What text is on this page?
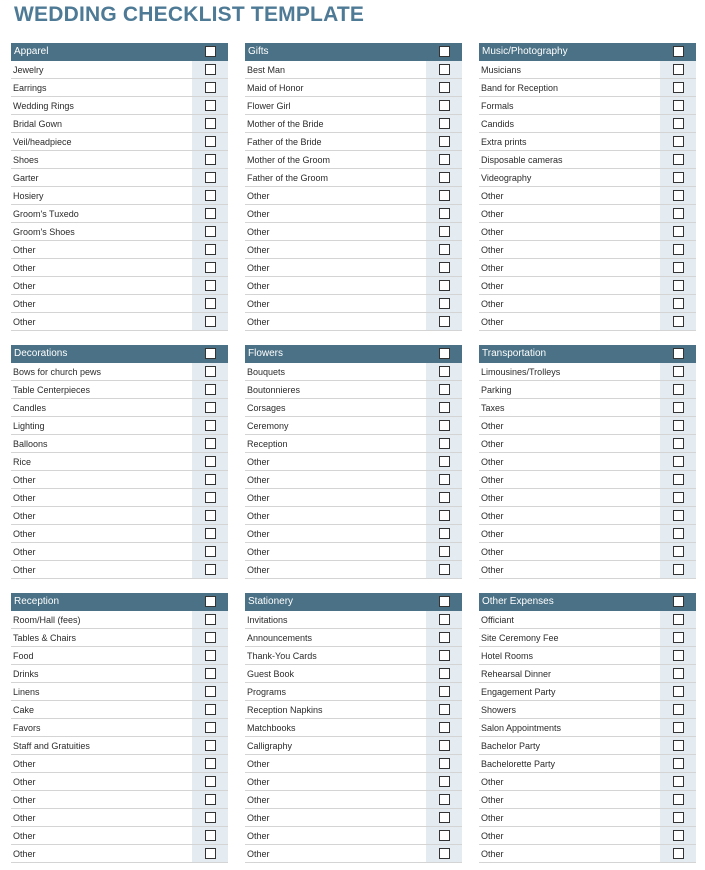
WEDDING CHECKLIST TEMPLATE
Apparel
Jewelry
Earrings
Wedding Rings
Bridal Gown
Veil/headpiece
Shoes
Garter
Hosiery
Groom's Tuxedo
Groom's Shoes
Other
Other
Other
Other
Other
Gifts
Best Man
Maid of Honor
Flower Girl
Mother of the Bride
Father of the Bride
Mother of the Groom
Father of the Groom
Other
Other
Other
Other
Other
Other
Other
Other
Music/Photography
Musicians
Band for Reception
Formals
Candids
Extra prints
Disposable cameras
Videography
Other
Other
Other
Other
Other
Other
Other
Other
Decorations
Bows for church pews
Table Centerpieces
Candles
Lighting
Balloons
Rice
Other
Other
Other
Other
Other
Other
Flowers
Bouquets
Boutonnieres
Corsages
Ceremony
Reception
Other
Other
Other
Other
Other
Other
Other
Transportation
Limousines/Trolleys
Parking
Taxes
Other
Other
Other
Other
Other
Other
Other
Other
Other
Reception
Room/Hall (fees)
Tables & Chairs
Food
Drinks
Linens
Cake
Favors
Staff and Gratuities
Other
Other
Other
Other
Other
Other
Stationery
Invitations
Announcements
Thank-You Cards
Guest Book
Programs
Reception Napkins
Matchbooks
Calligraphy
Other
Other
Other
Other
Other
Other
Other Expenses
Officiant
Site Ceremony Fee
Hotel Rooms
Rehearsal Dinner
Engagement Party
Showers
Salon Appointments
Bachelor Party
Bachelorette Party
Other
Other
Other
Other
Other
